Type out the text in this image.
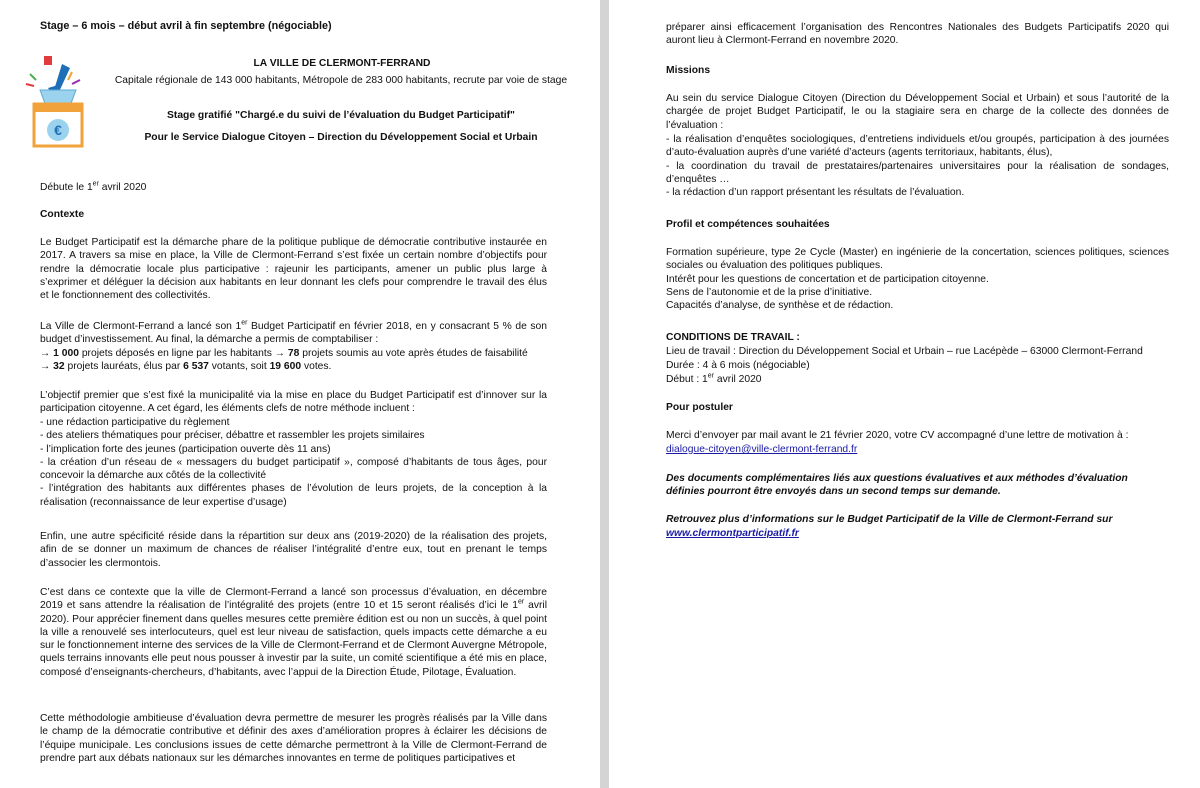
Stage – 6 mois – début avril à fin septembre (négociable)

€

LA VILLE DE CLERMONT-FERRAND

Capitale régionale de 143 000 habitants, Métropole de 283 000 habitants, recrute par voie de stage

Stage gratifié "Chargé.e du suivi de l’évaluation du Budget Participatif"

Pour le Service Dialogue Citoyen – Direction du Développement Social et Urbain

Débute le 1er avril 2020

Contexte

Le Budget Participatif est la démarche phare de la politique publique de démocratie contributive instaurée en 2017. A travers sa mise en place, la Ville de Clermont-Ferrand s’est fixée un certain nombre d’objectifs pour rendre la démocratie locale plus participative : rajeunir les participants, amener un public plus large à s’exprimer et déléguer la décision aux habitants en leur donnant les clefs pour comprendre le travail des élus et le fonctionnement des collectivités.

La Ville de Clermont-Ferrand a lancé son 1er Budget Participatif en février 2018, en y consacrant 5 % de son budget d’investissement. Au final, la démarche a permis de comptabiliser :

→ 1 000 projets déposés en ligne par les habitants → 78 projets soumis au vote après études de faisabilité

→ 32 projets lauréats, élus par 6 537 votants, soit 19 600 votes.

L’objectif premier que s’est fixé la municipalité via la mise en place du Budget Participatif est d’innover sur la participation citoyenne. A cet égard, les éléments clefs de notre méthode incluent :

- une rédaction participative du règlement
- des ateliers thématiques pour préciser, débattre et rassembler les projets similaires
- l’implication forte des jeunes (participation ouverte dès 11 ans)
- la création d’un réseau de « messagers du budget participatif », composé d’habitants de tous âges, pour concevoir la démarche aux côtés de la collectivité
- l’intégration des habitants aux différentes phases de l’évolution de leurs projets, de la conception à la réalisation (reconnaissance de leur expertise d’usage)

Enfin, une autre spécificité réside dans la répartition sur deux ans (2019-2020) de la réalisation des projets, afin de se donner un maximum de chances de réaliser l’intégralité d’entre eux, tout en prenant le temps d’associer les clermontois.

C’est dans ce contexte que la ville de Clermont-Ferrand a lancé son processus d’évaluation, en décembre 2019 et sans attendre la réalisation de l’intégralité des projets (entre 10 et 15 seront réalisés d’ici le 1er avril 2020). Pour apprécier finement dans quelles mesures cette première édition est ou non un succès, à quel point la ville a renouvelé ses interlocuteurs, quel est leur niveau de satisfaction, quels impacts cette démarche a eu sur le fonctionnement interne des services de la Ville de Clermont-Ferrand et de Clermont Auvergne Métropole, quels terrains innovants elle peut nous pousser à investir par la suite, un comité scientifique a été mis en place, composé d’enseignants-chercheurs, d’habitants, avec l’appui de la Direction Étude, Pilotage, Évaluation.

Cette méthodologie ambitieuse d’évaluation devra permettre de mesurer les progrès réalisés par la Ville dans le champ de la démocratie contributive et définir des axes d’amélioration propres à éclairer les décisions de l’équipe municipale. Les conclusions issues de cette démarche permettront à la Ville de Clermont-Ferrand de prendre part aux débats nationaux sur les démarches innovantes en terme de politiques participatives et

préparer ainsi efficacement l’organisation des Rencontres Nationales des Budgets Participatifs 2020 qui auront lieu à Clermont-Ferrand en novembre 2020.

Missions

Au sein du service Dialogue Citoyen (Direction du Développement Social et Urbain) et sous l’autorité de la chargée de projet Budget Participatif, le ou la stagiaire sera en charge de la collecte des données de l’évaluation :

- la réalisation d’enquêtes sociologiques, d’entretiens individuels et/ou groupés, participation à des journées d’auto-évaluation auprès d’une variété d’acteurs (agents territoriaux, habitants, élus),
- la coordination du travail de prestataires/partenaires universitaires pour la réalisation de sondages, d’enquêtes …
- la rédaction d’un rapport présentant les résultats de l’évaluation.

Profil et compétences souhaitées

Formation supérieure, type 2e Cycle (Master) en ingénierie de la concertation, sciences politiques, sciences sociales ou évaluation des politiques publiques.

Intérêt pour les questions de concertation et de participation citoyenne.

Sens de l’autonomie et de la prise d’initiative.

Capacités d’analyse, de synthèse et de rédaction.

CONDITIONS DE TRAVAIL :

Lieu de travail : Direction du Développement Social et Urbain – rue Lacépède – 63000 Clermont-Ferrand

Durée : 4 à 6 mois (négociable)

Début : 1er avril 2020

Pour postuler

Merci d’envoyer par mail avant le 21 février 2020, votre CV accompagné d’une lettre de motivation à :

dialogue-citoyen@ville-clermont-ferrand.fr

Des documents complémentaires liés aux questions évaluatives et aux méthodes d’évaluation définies pourront être envoyés dans un second temps sur demande.

Retrouvez plus d’informations sur le Budget Participatif de la Ville de Clermont-Ferrand sur

www.clermontparticipatif.fr
